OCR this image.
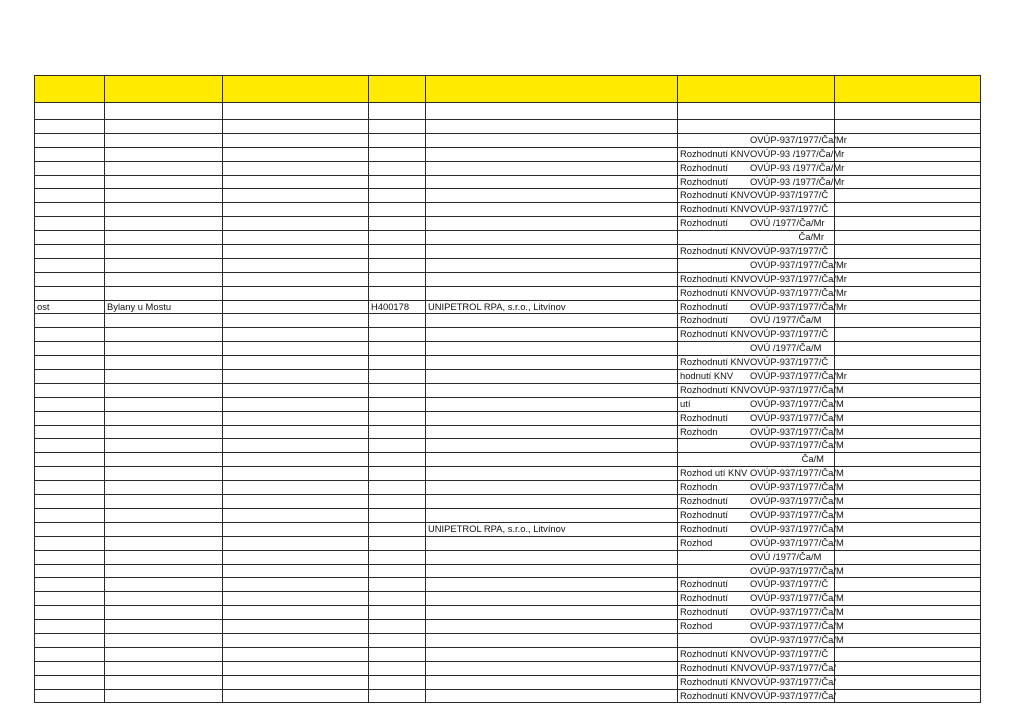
					OVÚP-937/1977/Ča/Mr	

					Rozhodnutí KNV OVÚP-93 /1977/Ča/Mr	

					Rozhodnutí OVÚP-93 /1977/Ča/Mr	

					Rozhodnutí OVÚP-93 /1977/Ča/Mr	

					Rozhodnutí KNV OVÚP-937/1977/Č	

					Rozhodnutí KNV OVÚP-937/1977/Č	

					Rozhodnutí OVÚ /1977/Ča/Mr	

					Ča/Mr	

					Rozhodnutí KNV OVÚP-937/1977/Č	

					OVÚP-937/1977/Ča/Mr	

					Rozhodnutí KNV OVÚP-937/1977/Ča/Mr	

					Rozhodnutí KNV OVÚP-937/1977/Ča/Mr	

ost	Bylany u Mostu		H400178	UNIPETROL RPA, s.r.o., Litvínov	Rozhodnutí OVÚP-937/1977/Ča/Mr	

					Rozhodnutí OVÚ /1977/Ča/M	

					Rozhodnutí KNV OVÚP-937/1977/Č	

					OVÚ /1977/Ča/M	

					Rozhodnutí KNV OVÚP-937/1977/Č	

					hodnutí KNV OVÚP-937/1977/Ča/Mr	

					Rozhodnutí KNV OVÚP-937/1977/Ča/M	

					utí OVÚP-937/1977/Ča/M	

					Rozhodnutí OVÚP-937/1977/Ča/M	

					Rozhodn OVÚP-937/1977/Ča/M	

					OVÚP-937/1977/Ča/M	

					Ča/M	

					Rozhod utí KNV OVÚP-937/1977/Ča/M	

					Rozhodn OVÚP-937/1977/Ča/M	

					Rozhodnutí OVÚP-937/1977/Ča/M	

					Rozhodnutí OVÚP-937/1977/Ča/M	

				UNIPETROL RPA, s.r.o., Litvínov	Rozhodnutí OVÚP-937/1977/Ča/M	

					Rozhod OVÚP-937/1977/Ča/M	

					OVÚ /1977/Ča/M	

					OVÚP-937/1977/Ča/M	

					Rozhodnutí OVÚP-937/1977/Č	

					Rozhodnutí OVÚP-937/1977/Ča/M	

					Rozhodnutí OVÚP-937/1977/Ča/M	

					Rozhod OVÚP-937/1977/Ča/M	

					OVÚP-937/1977/Ča/M	

					Rozhodnutí KNV OVÚP-937/1977/Č	

					Rozhodnutí KNV OVÚP-937/1977/Ča/	

					Rozhodnutí KNV OVÚP-937/1977/Ča/	

					Rozhodnutí KNV OVÚP-937/1977/Ča/	
